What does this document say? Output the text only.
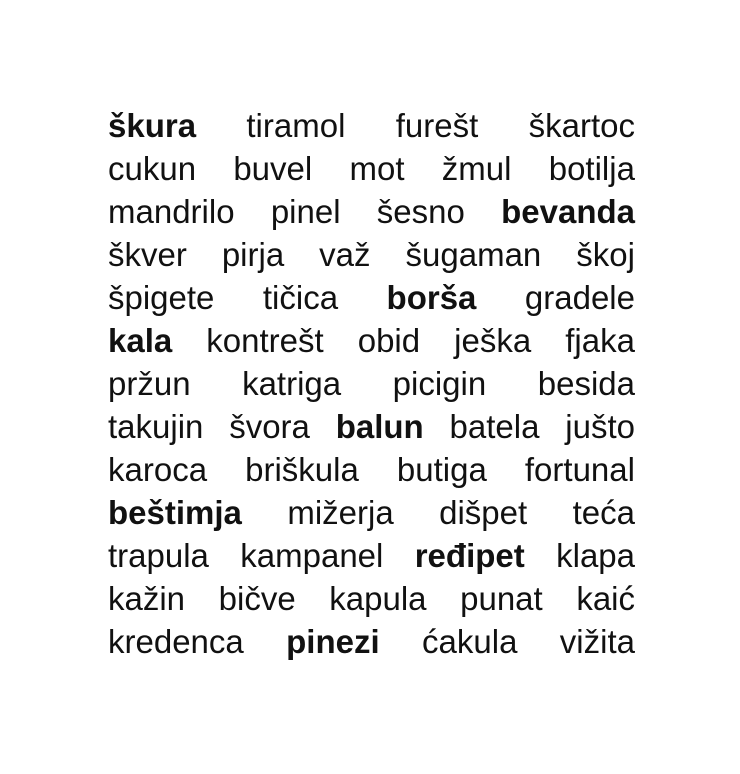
škura tiramol furešt škartoc
cukun buvel mot žmul botilja
mandrilo pinel šesno bevanda
škver pirja važ šugaman škoj
špigete tičica borša gradele
kala kontrešt obid ješka fjaka
pržun katriga picigin besida
takujin švora balun batela jušto
karoca briškula butiga fortunal
beštimja mižerja dišpet teća
trapula kampanel ređipet klapa
kažin bičve kapula punat kaić
kredenca pinezi ćakula vižita
